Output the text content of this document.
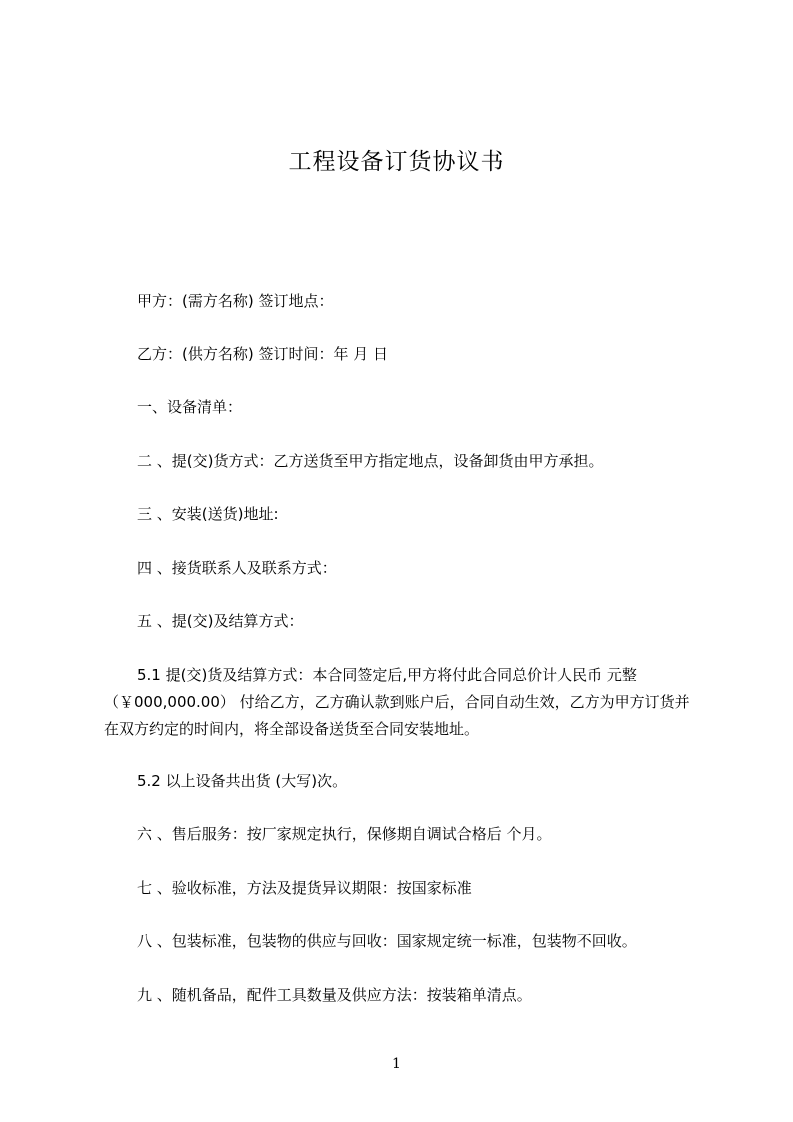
工程设备订货协议书

甲方：(需方名称) 签订地点：

乙方：(供方名称) 签订时间：年 月 日

一、设备清单：

二 、提(交)货方式：乙方送货至甲方指定地点，设备卸货由甲方承担。

三 、安装(送货)地址:

四 、接货联系人及联系方式：

五 、提(交)及结算方式：

5.1 提(交)货及结算方式：本合同签定后,甲方将付此合同总价计人民币 元整（￥000,000.00） 付给乙方，乙方确认款到账户后，合同自动生效，乙方为甲方订货并在双方约定的时间内，将全部设备送货至合同安装地址。

5.2 以上设备共出货 (大写)次。

六 、售后服务：按厂家规定执行，保修期自调试合格后 个月。

七 、验收标准，方法及提货异议期限：按国家标准

八 、包装标准，包装物的供应与回收：国家规定统一标准，包装物不回收。

九 、随机备品，配件工具数量及供应方法：按装箱单清点。

1
